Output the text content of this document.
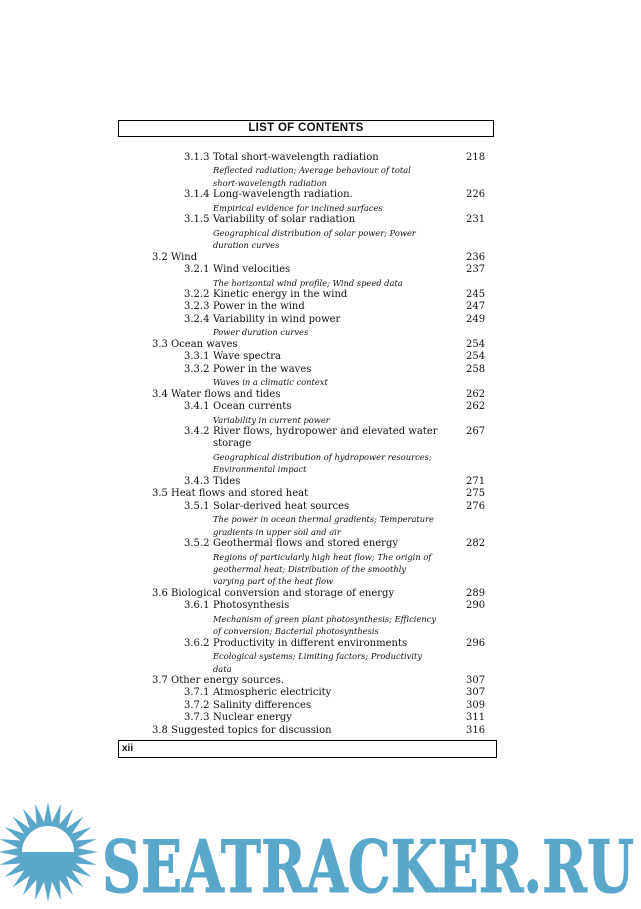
LIST OF CONTENTS
3.1.3 Total short-wavelength radiation	218
Reflected radiation; Average behaviour of total short-wavelength radiation
3.1.4 Long-wavelength radiation.	226
Empirical evidence for inclined surfaces
3.1.5 Variability of solar radiation	231
Geographical distribution of solar power; Power duration curves
3.2 Wind	236
3.2.1 Wind velocities	237
The horizontal wind profile; Wind speed data
3.2.2 Kinetic energy in the wind	245
3.2.3 Power in the wind	247
3.2.4 Variability in wind power	249
Power duration curves
3.3 Ocean waves	254
3.3.1 Wave spectra	254
3.3.2 Power in the waves	258
Waves in a climatic context
3.4 Water flows and tides	262
3.4.1 Ocean currents	262
Variability in current power
3.4.2 River flows, hydropower and elevated water storage
267
Geographical distribution of hydropower resources; Environmental impact
3.4.3 Tides	271
3.5 Heat flows and stored heat	275
3.5.1 Solar-derived heat sources	276
The power in ocean thermal gradients; Temperature gradients in upper soil and air
3.5.2 Geothermal flows and stored energy	282
Regions of particularly high heat flow; The origin of geothermal heat; Distribution of the smoothly varying part of the heat flow
3.6 Biological conversion and storage of energy	289
3.6.1 Photosynthesis	290
Mechanism of green plant photosynthesis; Efficiency of conversion; Bacterial photosynthesis
3.6.2 Productivity in different environments	296
Ecological systems; Limiting factors; Productivity data
3.7 Other energy sources.	307
3.7.1 Atmospheric electricity	307
3.7.2 Salinity differences	309
3.7.3 Nuclear energy	311
3.8 Suggested topics for discussion	316
xii
SEATRACKER.RU
